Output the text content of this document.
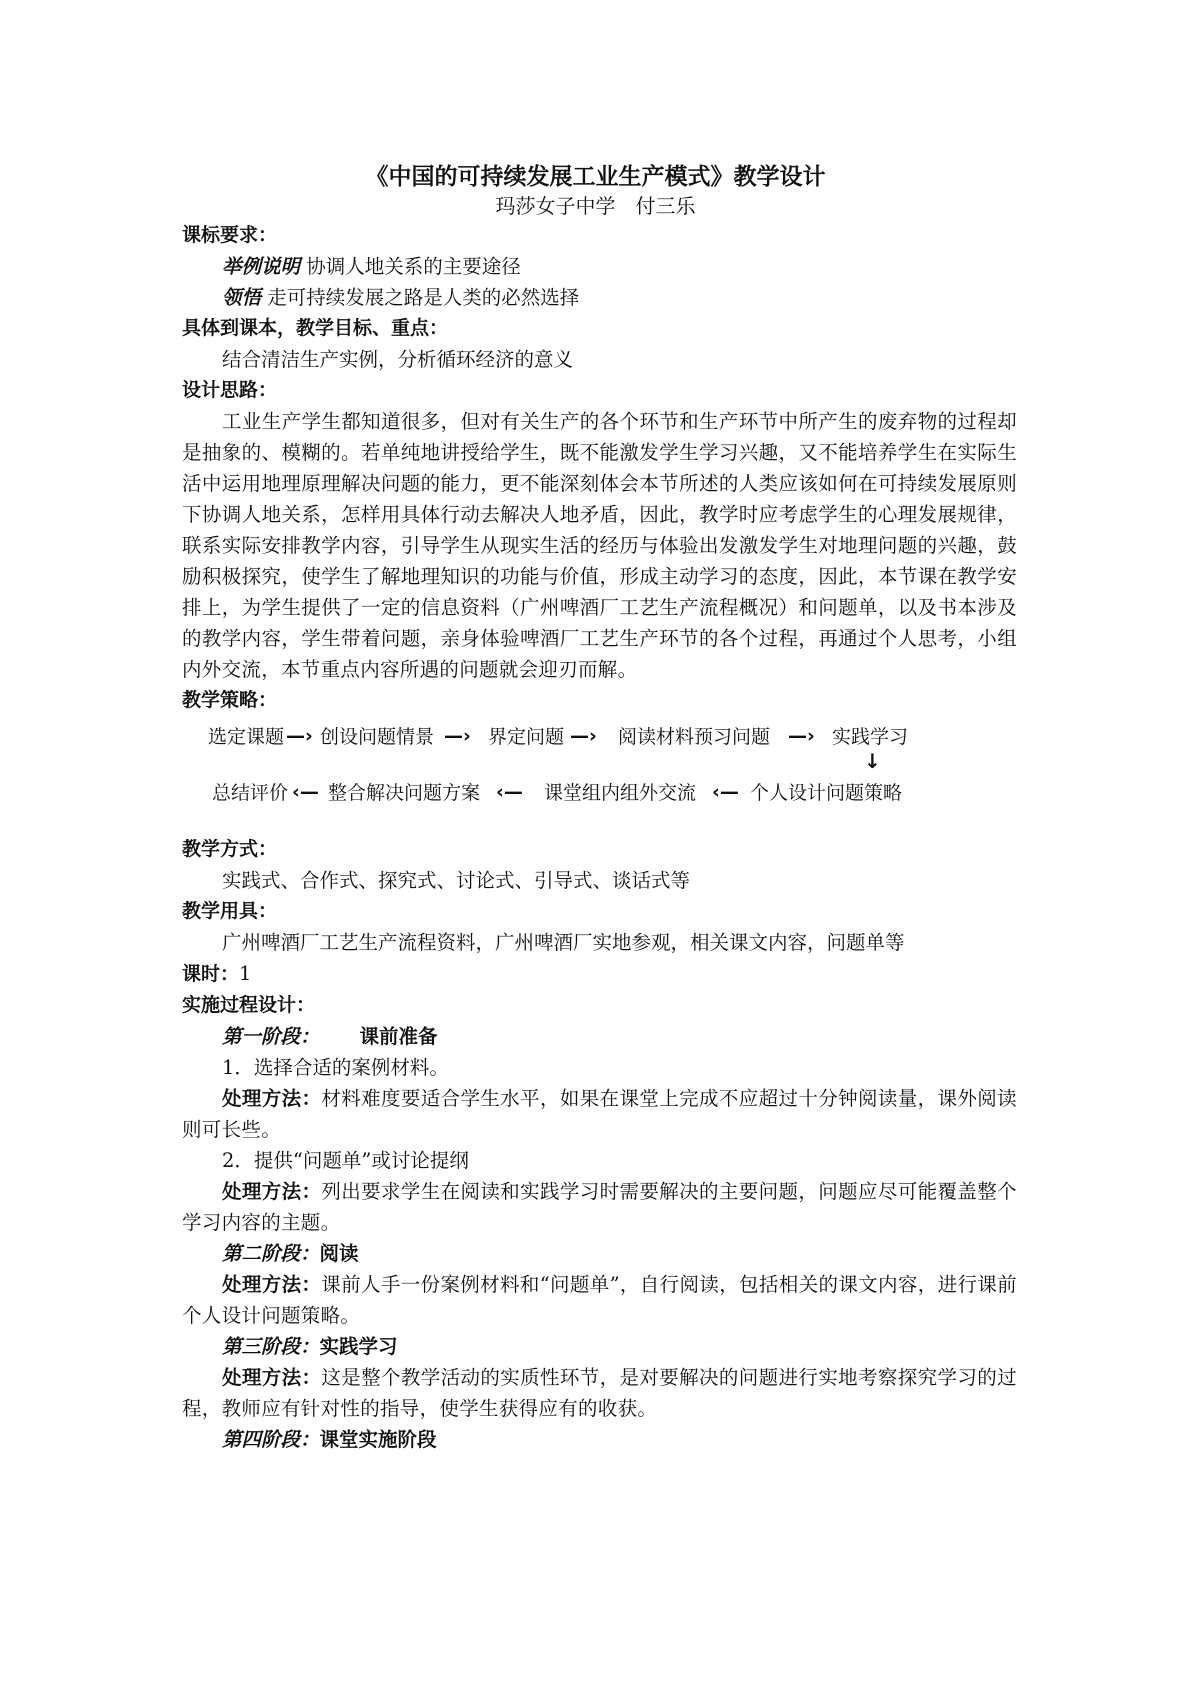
《中国的可持续发展工业生产模式》教学设计
玛莎女子中学　付三乐
课标要求：
举例说明 协调人地关系的主要途径
领悟 走可持续发展之路是人类的必然选择
具体到课本，教学目标、重点：
结合清洁生产实例，分析循环经济的意义
设计思路：
工业生产学生都知道很多，但对有关生产的各个环节和生产环节中所产生的废弃物的过程却是抽象的、模糊的。若单纯地讲授给学生，既不能激发学生学习兴趣，又不能培养学生在实际生活中运用地理原理解决问题的能力，更不能深刻体会本节所述的人类应该如何在可持续发展原则下协调人地关系，怎样用具体行动去解决人地矛盾，因此，教学时应考虑学生的心理发展规律，联系实际安排教学内容，引导学生从现实生活的经历与体验出发激发学生对地理问题的兴趣，鼓励积极探究，使学生了解地理知识的功能与价值，形成主动学习的态度，因此，本节课在教学安排上，为学生提供了一定的信息资料（广州啤酒厂工艺生产流程概况）和问题单，以及书本涉及的教学内容，学生带着问题，亲身体验啤酒厂工艺生产环节的各个过程，再通过个人思考，小组内外交流，本节重点内容所遇的问题就会迎刃而解。
教学策略：
选定课题 —› 创设问题情景 —› 界定问题 —› 阅读材料预习问题 —› 实践学习
↓
总结评价 ‹— 整合解决问题方案 ‹— 课堂组内组外交流 ‹— 个人设计问题策略
教学方式：
实践式、合作式、探究式、讨论式、引导式、谈话式等
教学用具：
广州啤酒厂工艺生产流程资料，广州啤酒厂实地参观，相关课文内容，问题单等
课时：1
实施过程设计：
第一阶段： 课前准备
1．选择合适的案例材料。
处理方法：材料难度要适合学生水平，如果在课堂上完成不应超过十分钟阅读量，课外阅读则可长些。
2．提供“问题单”或讨论提纲
处理方法：列出要求学生在阅读和实践学习时需要解决的主要问题，问题应尽可能覆盖整个学习内容的主题。
第二阶段：阅读
处理方法：课前人手一份案例材料和“问题单”，自行阅读，包括相关的课文内容，进行课前个人设计问题策略。
第三阶段：实践学习
处理方法：这是整个教学活动的实质性环节，是对要解决的问题进行实地考察探究学习的过程，教师应有针对性的指导，使学生获得应有的收获。
第四阶段：课堂实施阶段
